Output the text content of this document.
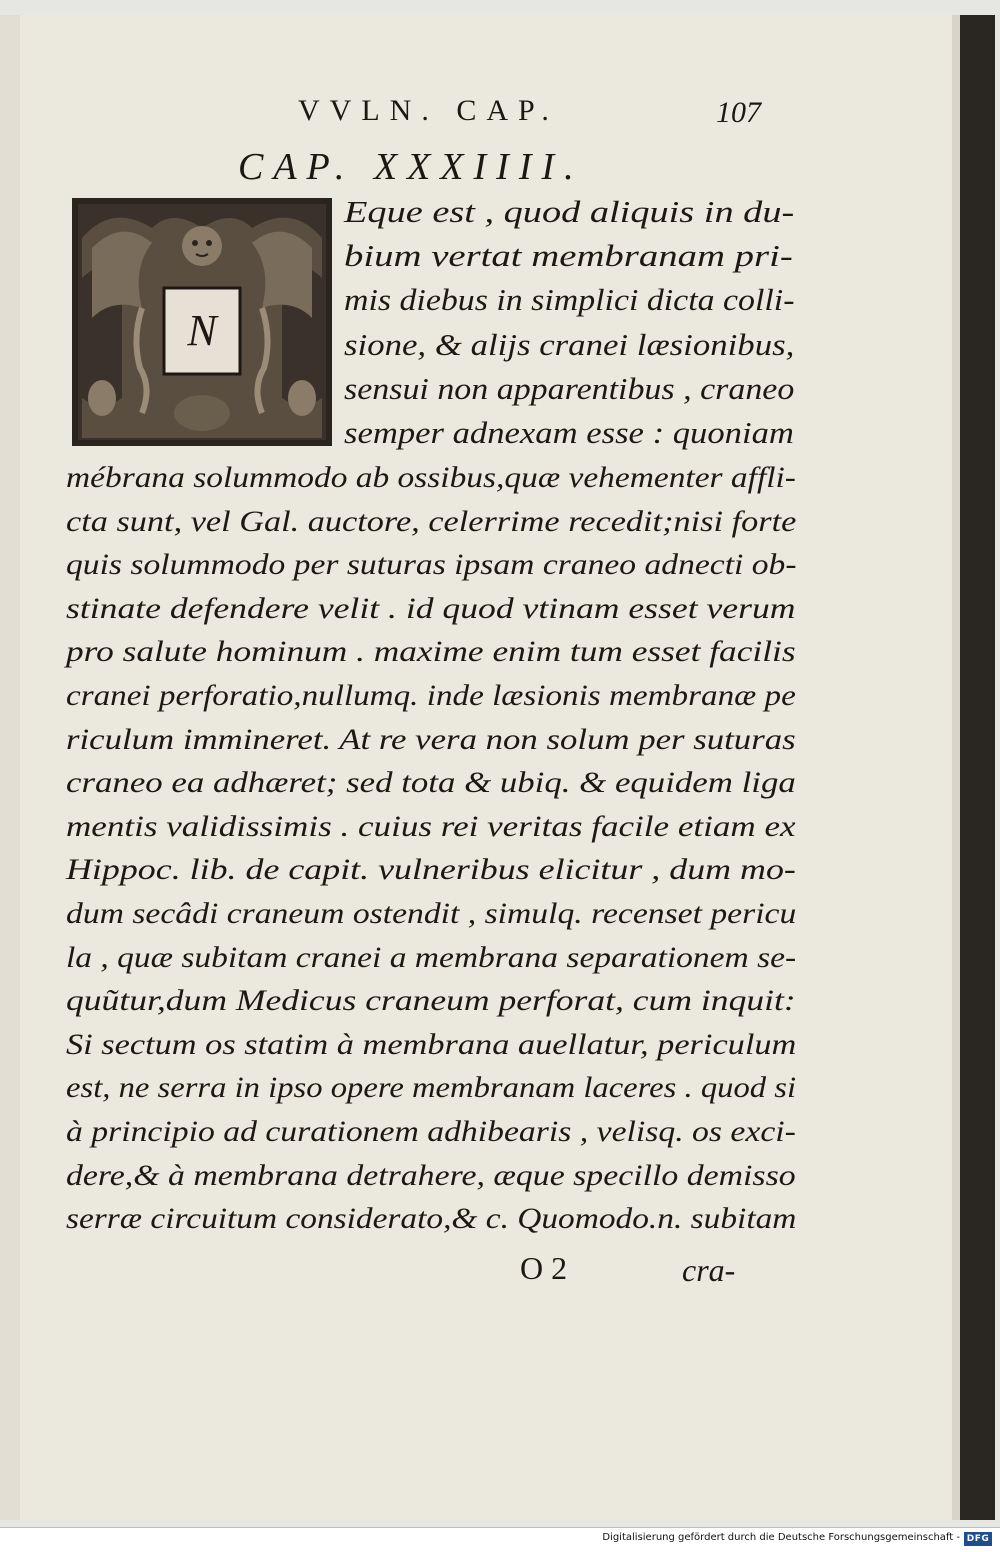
VVLN. CAP.	107
CAP. XXXIIII.
N
Eque est , quod aliquis in du-
bium vertat membranam pri-
mis diebus in simplici dicta colli-
sione, & alijs cranei læsionibus,
sensui non apparentibus , craneo
semper adnexam esse : quoniam
mébrana solummodo ab ossibus,quæ vehementer affli-
cta sunt, vel Gal. auctore, celerrime recedit;nisi forte
quis solummodo per suturas ipsam craneo adnecti ob-
stinate defendere velit . id quod vtinam esset verum
pro salute hominum . maxime enim tum esset facilis
cranei perforatio,nullumq. inde læsionis membranæ pe
riculum immineret. At re vera non solum per suturas
craneo ea adhæret; sed tota & ubiq. & equidem liga
mentis validissimis . cuius rei veritas facile etiam ex
Hippoc. lib. de capit. vulneribus elicitur , dum mo-
dum secâdi craneum ostendit , simulq. recenset pericu
la , quæ subitam cranei a membrana separationem se-
quũtur,dum Medicus craneum perforat, cum inquit:
Si sectum os statim à membrana auellatur, periculum
est, ne serra in ipso opere membranam laceres . quod si
à principio ad curationem adhibearis , velisq. os exci-
dere,& à membrana detrahere, æque specillo demisso
serræ circuitum considerato,& c. Quomodo.n. subitam
O 2	cra-
Digitalisierung gefördert durch die Deutsche Forschungsgemeinschaft - DFG
